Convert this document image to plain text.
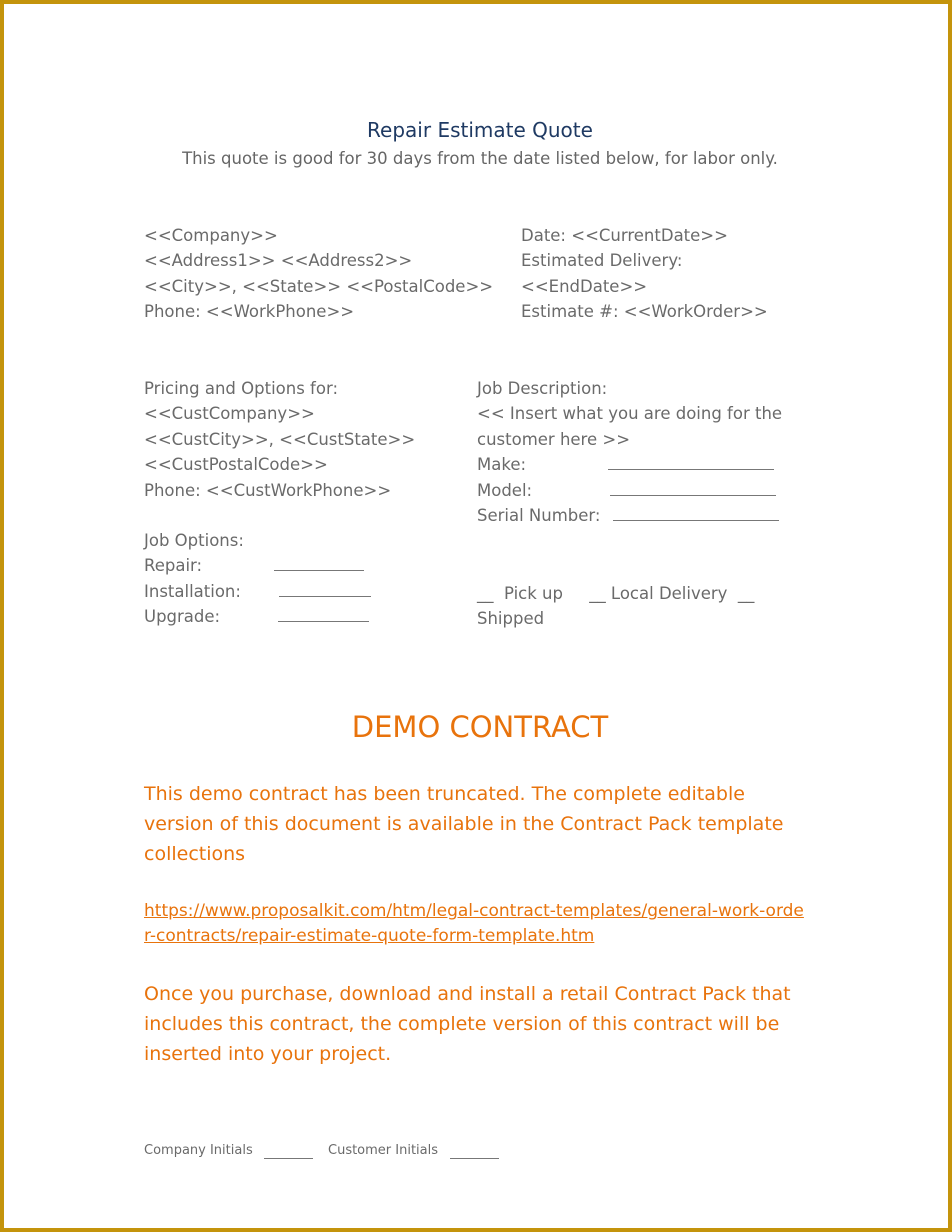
Repair Estimate Quote
This quote is good for 30 days from the date listed below, for labor only.
<<Company>>
<<Address1>> <<Address2>>
<<City>>, <<State>> <<PostalCode>>
Phone: <<WorkPhone>>
Date: <<CurrentDate>>
Estimated Delivery:
<<EndDate>>
Estimate #: <<WorkOrder>>
Pricing and Options for:
<<CustCompany>>
<<CustCity>>, <<CustState>>
<<CustPostalCode>>
Phone: <<CustWorkPhone>>
Job Description:
<< Insert what you are doing for the
customer here >>
Make:
Model:
Serial Number:
Job Options:
Repair:
Installation:
Upgrade:
__  Pick up     __ Local Delivery  __
Shipped
DEMO CONTRACT
This demo contract has been truncated. The complete editable version of this document is available in the Contract Pack template collections
https://www.proposalkit.com/htm/legal-contract-templates/general-work-order-contracts/repair-estimate-quote-form-template.htm
Once you purchase, download and install a retail Contract Pack that includes this contract, the complete version of this contract will be inserted into your project.
Company Initials	Customer Initials
